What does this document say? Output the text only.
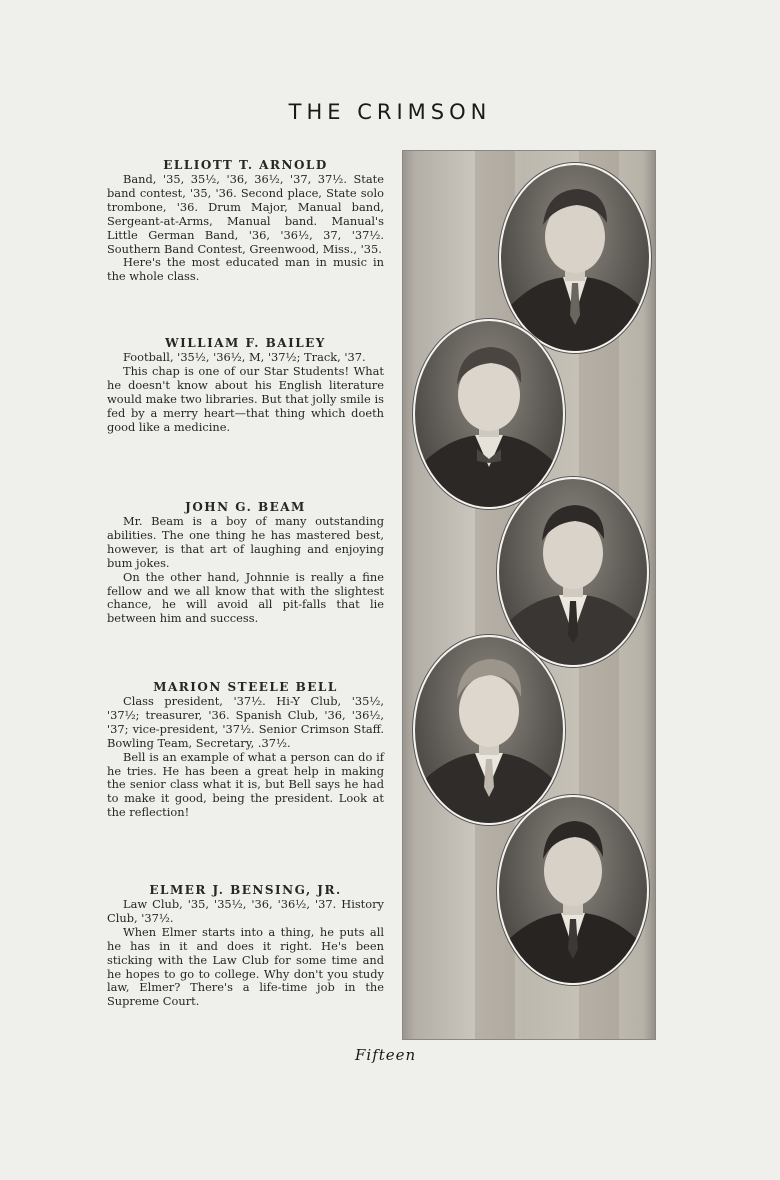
THE CRIMSON
ELLIOTT T. ARNOLD

Band, '35, 35½, '36, 36½, '37, 37½. State band contest, '35, '36. Second place, State solo trombone, '36. Drum Major, Manual band, Sergeant-at-Arms, Manual band. Manual's Little German Band, '36, '36½, 37, '37½. Southern Band Contest, Greenwood, Miss., '35.

Here's the most educated man in music in the whole class.

WILLIAM F. BAILEY

Football, '35½, '36½, M, '37½; Track, '37.

This chap is one of our Star Students! What he doesn't know about his English literature would make two libraries. But that jolly smile is fed by a merry heart—that thing which doeth good like a medicine.

JOHN G. BEAM

Mr. Beam is a boy of many outstanding abilities. The one thing he has mastered best, however, is that art of laughing and enjoying bum jokes.

On the other hand, Johnnie is really a fine fellow and we all know that with the slightest chance, he will avoid all pit-falls that lie between him and success.

MARION STEELE BELL

Class president, '37½. Hi-Y Club, '35½, '37½; treasurer, '36. Spanish Club, '36, '36½, '37; vice-president, '37½. Senior Crimson Staff. Bowling Team, Secretary, .37½.

Bell is an example of what a person can do if he tries. He has been a great help in making the senior class what it is, but Bell says he had to make it good, being the president. Look at the reflection!

ELMER J. BENSING, JR.

Law Club, '35, '35½, '36, '36½, '37. History Club, '37½.

When Elmer starts into a thing, he puts all he has in it and does it right. He's been sticking with the Law Club for some time and he hopes to go to college. Why don't you study law, Elmer? There's a life-time job in the Supreme Court.

Fifteen
